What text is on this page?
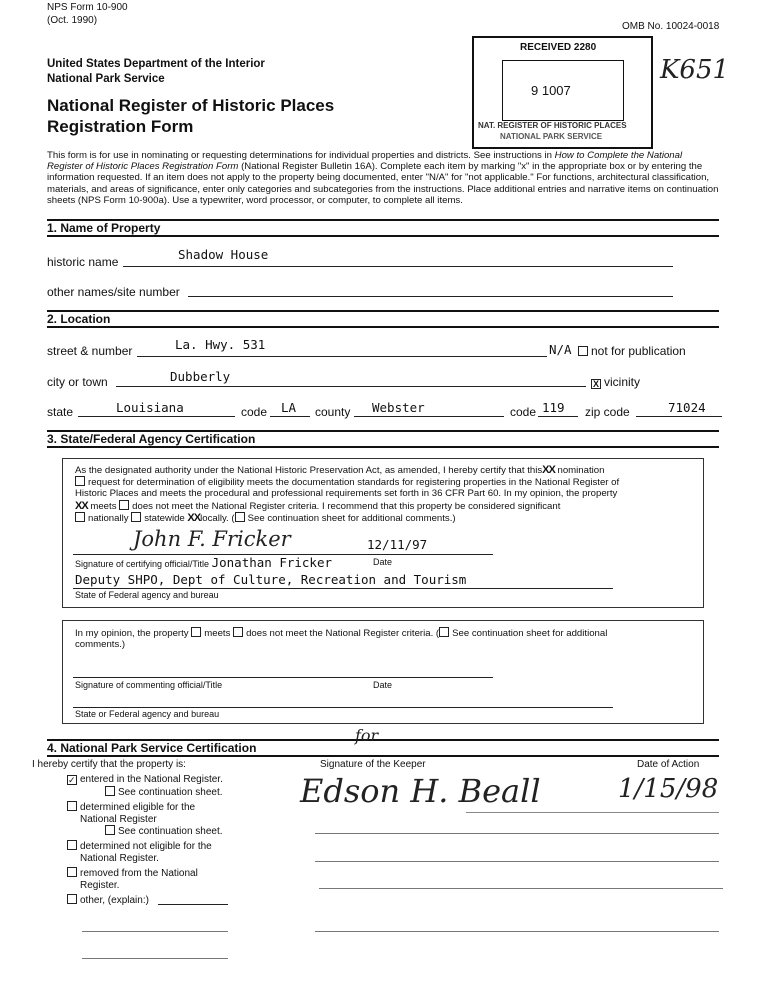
NPS Form 10-900
(Oct. 1990)
OMB No. 10024-0018
United States Department of the Interior
National Park Service
National Register of Historic Places
Registration Form
RECEIVED 2280
9 1007
NAT. REGISTER OF HISTORIC PLACES
NATIONAL PARK SERVICE
K651
This form is for use in nominating or requesting determinations for individual properties and districts. See instructions in How to Complete the National Register of Historic Places Registration Form (National Register Bulletin 16A). Complete each item by marking "x" in the appropriate box or by entering the information requested. If an item does not apply to the property being documented, enter "N/A" for "not applicable." For functions, architectural classification, materials, and areas of significance, enter only categories and subcategories from the instructions. Place additional entries and narrative items on continuation sheets (NPS Form 10-900a). Use a typewriter, word processor, or computer, to complete all items.
1. Name of Property
historic name	Shadow House
other names/site number
2. Location
street & number	La. Hwy. 531	N/A	not for publication
city or town	Dubberly	X vicinity
state	Louisiana	code LA county Webster	code 119 zip code	71024
3. State/Federal Agency Certification
As the designated authority under the National Historic Preservation Act, as amended, I hereby certify that thisXX nomination
request for determination of eligibility meets the documentation standards for registering properties in the National Register of
Historic Places and meets the procedural and professional requirements set forth in 36 CFR Part 60. In my opinion, the property
XX meets does not meet the National Register criteria. I recommend that this property be considered significant
nationally statewide XXlocally. ( See continuation sheet for additional comments.)
John F. Fricker	12/11/97
Signature of certifying official/Title Jonathan Fricker	Date
Deputy SHPO, Dept of Culture, Recreation and Tourism
State of Federal agency and bureau
In my opinion, the property meets does not meet the National Register criteria. ( See continuation sheet for additional
comments.)
Signature of commenting official/Title	Date
State or Federal agency and bureau
4. National Park Service Certification
I hereby certify that the property is:
✓ entered in the National Register.
See continuation sheet.
determined eligible for the
National Register
See continuation sheet.
determined not eligible for the
National Register.
removed from the National
Register.
other, (explain:)
Signature of the Keeper	Date of Action
for
Edson H. Beall	1/15/98
